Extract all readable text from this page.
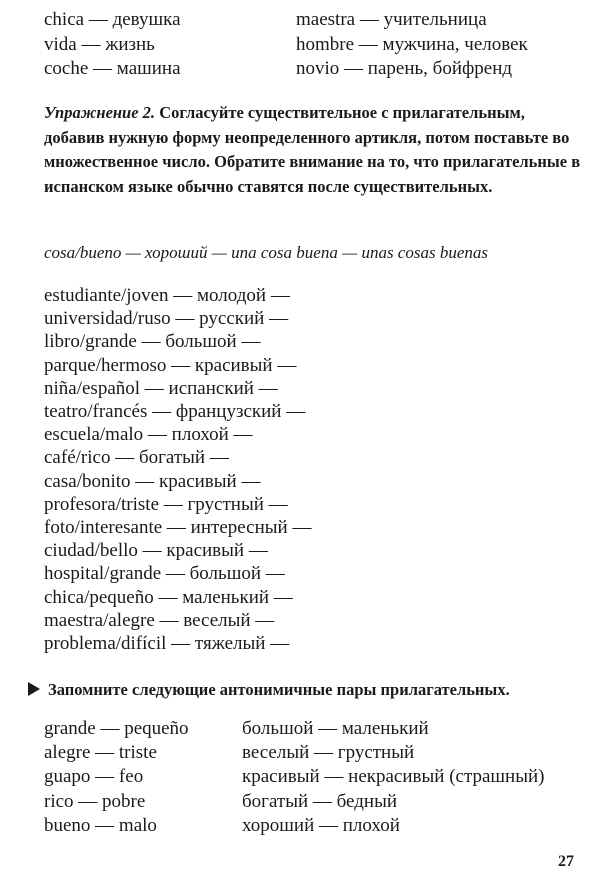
chica — девушка
vida — жизнь
coche — машина
maestra — учительница
hombre — мужчина, человек
novio — парень, бойфренд
Упражнение 2. Согласуйте существительное с прилагательным, добавив нужную форму неопределенного артикля, потом поставьте во множественное число. Обратите внимание на то, что прилагательные в испанском языке обычно ставятся после существительных.
cosa/bueno — хороший — una cosa buena — unas cosas buenas
estudiante/joven — молодой —
universidad/ruso — русский —
libro/grande — большой —
parque/hermoso — красивый —
niña/español — испанский —
teatro/francés — французский —
escuela/malo — плохой —
café/rico — богатый —
casa/bonito — красивый —
profesora/triste — грустный —
foto/interesante — интересный —
ciudad/bello — красивый —
hospital/grande — большой —
chica/pequeño — маленький —
maestra/alegre — веселый —
problema/difícil — тяжелый —
Запомните следующие антонимичные пары прилагательных.
grande — pequeño
alegre — triste
guapo — feo
rico — pobre
bueno — malo
большой — маленький
веселый — грустный
красивый — некрасивый (страшный)
богатый — бедный
хороший — плохой
27
